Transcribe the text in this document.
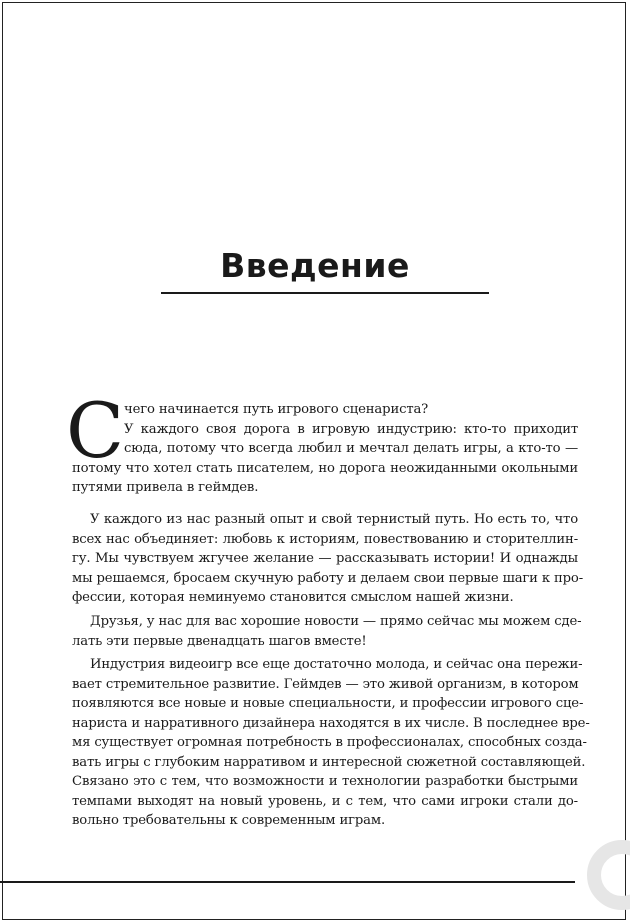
Введение
С чего начинается путь игрового сценариста?
У каждого своя дорога в игровую индустрию: кто-то приходит
сюда, потому что всегда любил и мечтал делать игры, а кто-то —
потому что хотел стать писателем, но дорога неожиданными окольными
путями привела в геймдев.
У каждого из нас разный опыт и свой тернистый путь. Но есть то, что
всех нас объединяет: любовь к историям, повествованию и сторителлин-
гу. Мы чувствуем жгучее желание — рассказывать истории! И однажды
мы решаемся, бросаем скучную работу и делаем свои первые шаги к про-
фессии, которая неминуемо становится смыслом нашей жизни.
Друзья, у нас для вас хорошие новости — прямо сейчас мы можем сде-
лать эти первые двенадцать шагов вместе!
Индустрия видеоигр все еще достаточно молода, и сейчас она пережи-
вает стремительное развитие. Геймдев — это живой организм, в котором
появляются все новые и новые специальности, и профессии игрового сце-
нариста и нарративного дизайнера находятся в их числе. В последнее вре-
мя существует огромная потребность в профессионалах, способных созда-
вать игры с глубоким нарративом и интересной сюжетной составляющей.
Связано это с тем, что возможности и технологии разработки быстрыми
темпами выходят на новый уровень, и с тем, что сами игроки стали до-
вольно требовательны к современным играм.
